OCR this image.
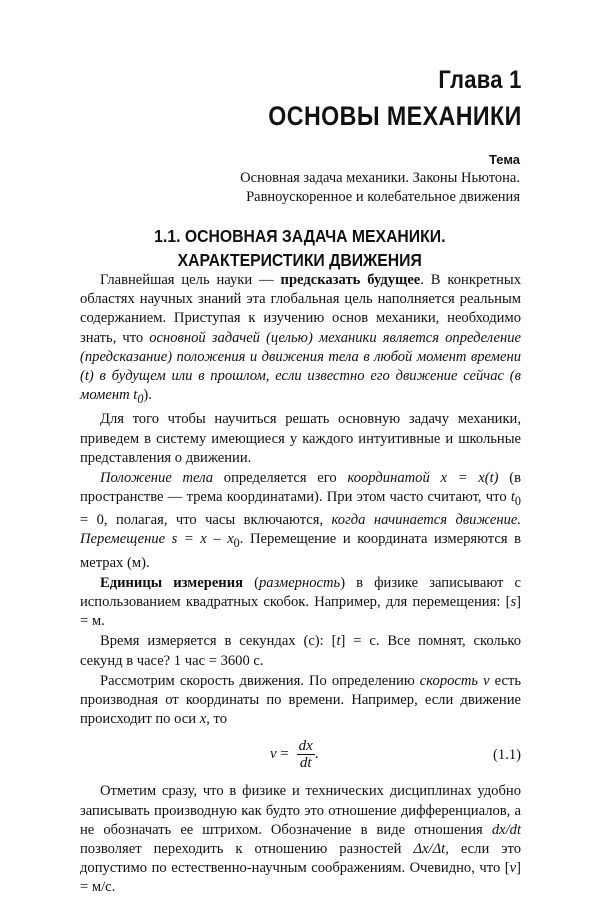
Глава 1
ОСНОВЫ МЕХАНИКИ
Тема
Основная задача механики. Законы Ньютона.
Равноускоренное и колебательное движения
1.1. ОСНОВНАЯ ЗАДАЧА МЕХАНИКИ.
ХАРАКТЕРИСТИКИ ДВИЖЕНИЯ

Главнейшая цель науки — предсказать будущее. В конкретных областях научных знаний эта глобальная цель наполняется реальным содержанием. Приступая к изучению основ механики, необходимо знать, что основной задачей (целью) механики является определение (предсказание) положения и движения тела в любой момент времени (t) в будущем или в прошлом, если известно его движение сейчас (в момент $t_0$).

Для того чтобы научиться решать основную задачу механики, приведем в систему имеющиеся у каждого интуитивные и школьные представления о движении.

Положение тела определяется его координатой x = x(t) (в пространстве — трема координатами). При этом часто считают, что $t_0 = 0$, полагая, что часы включаются, когда начинается движение. Перемещение $s = x - x_0$. Перемещение и координата измеряются в метрах (м).

Единицы измерения (размерность) в физике записывают с использованием квадратных скобок. Например, для перемещения: [s] = м.

Время измеряется в секундах (с): [t] = с. Все помнят, сколько секунд в часе? 1 час = 3600 с.

Рассмотрим скорость движения. По определению скорость v есть производная от координаты по времени. Например, если движение происходит по оси x, то

$v = \frac{dx}{dt}$ .	(1.1)

Отметим сразу, что в физике и технических дисциплинах удобно записывать производную как будто это отношение дифференциалов, а не обозначать ее штрихом. Обозначение в виде отношения dx/dt позволяет переходить к отношению разностей Δx/Δt, если это допустимо по естественно-научным соображениям. Очевидно, что [v] = м/с.
